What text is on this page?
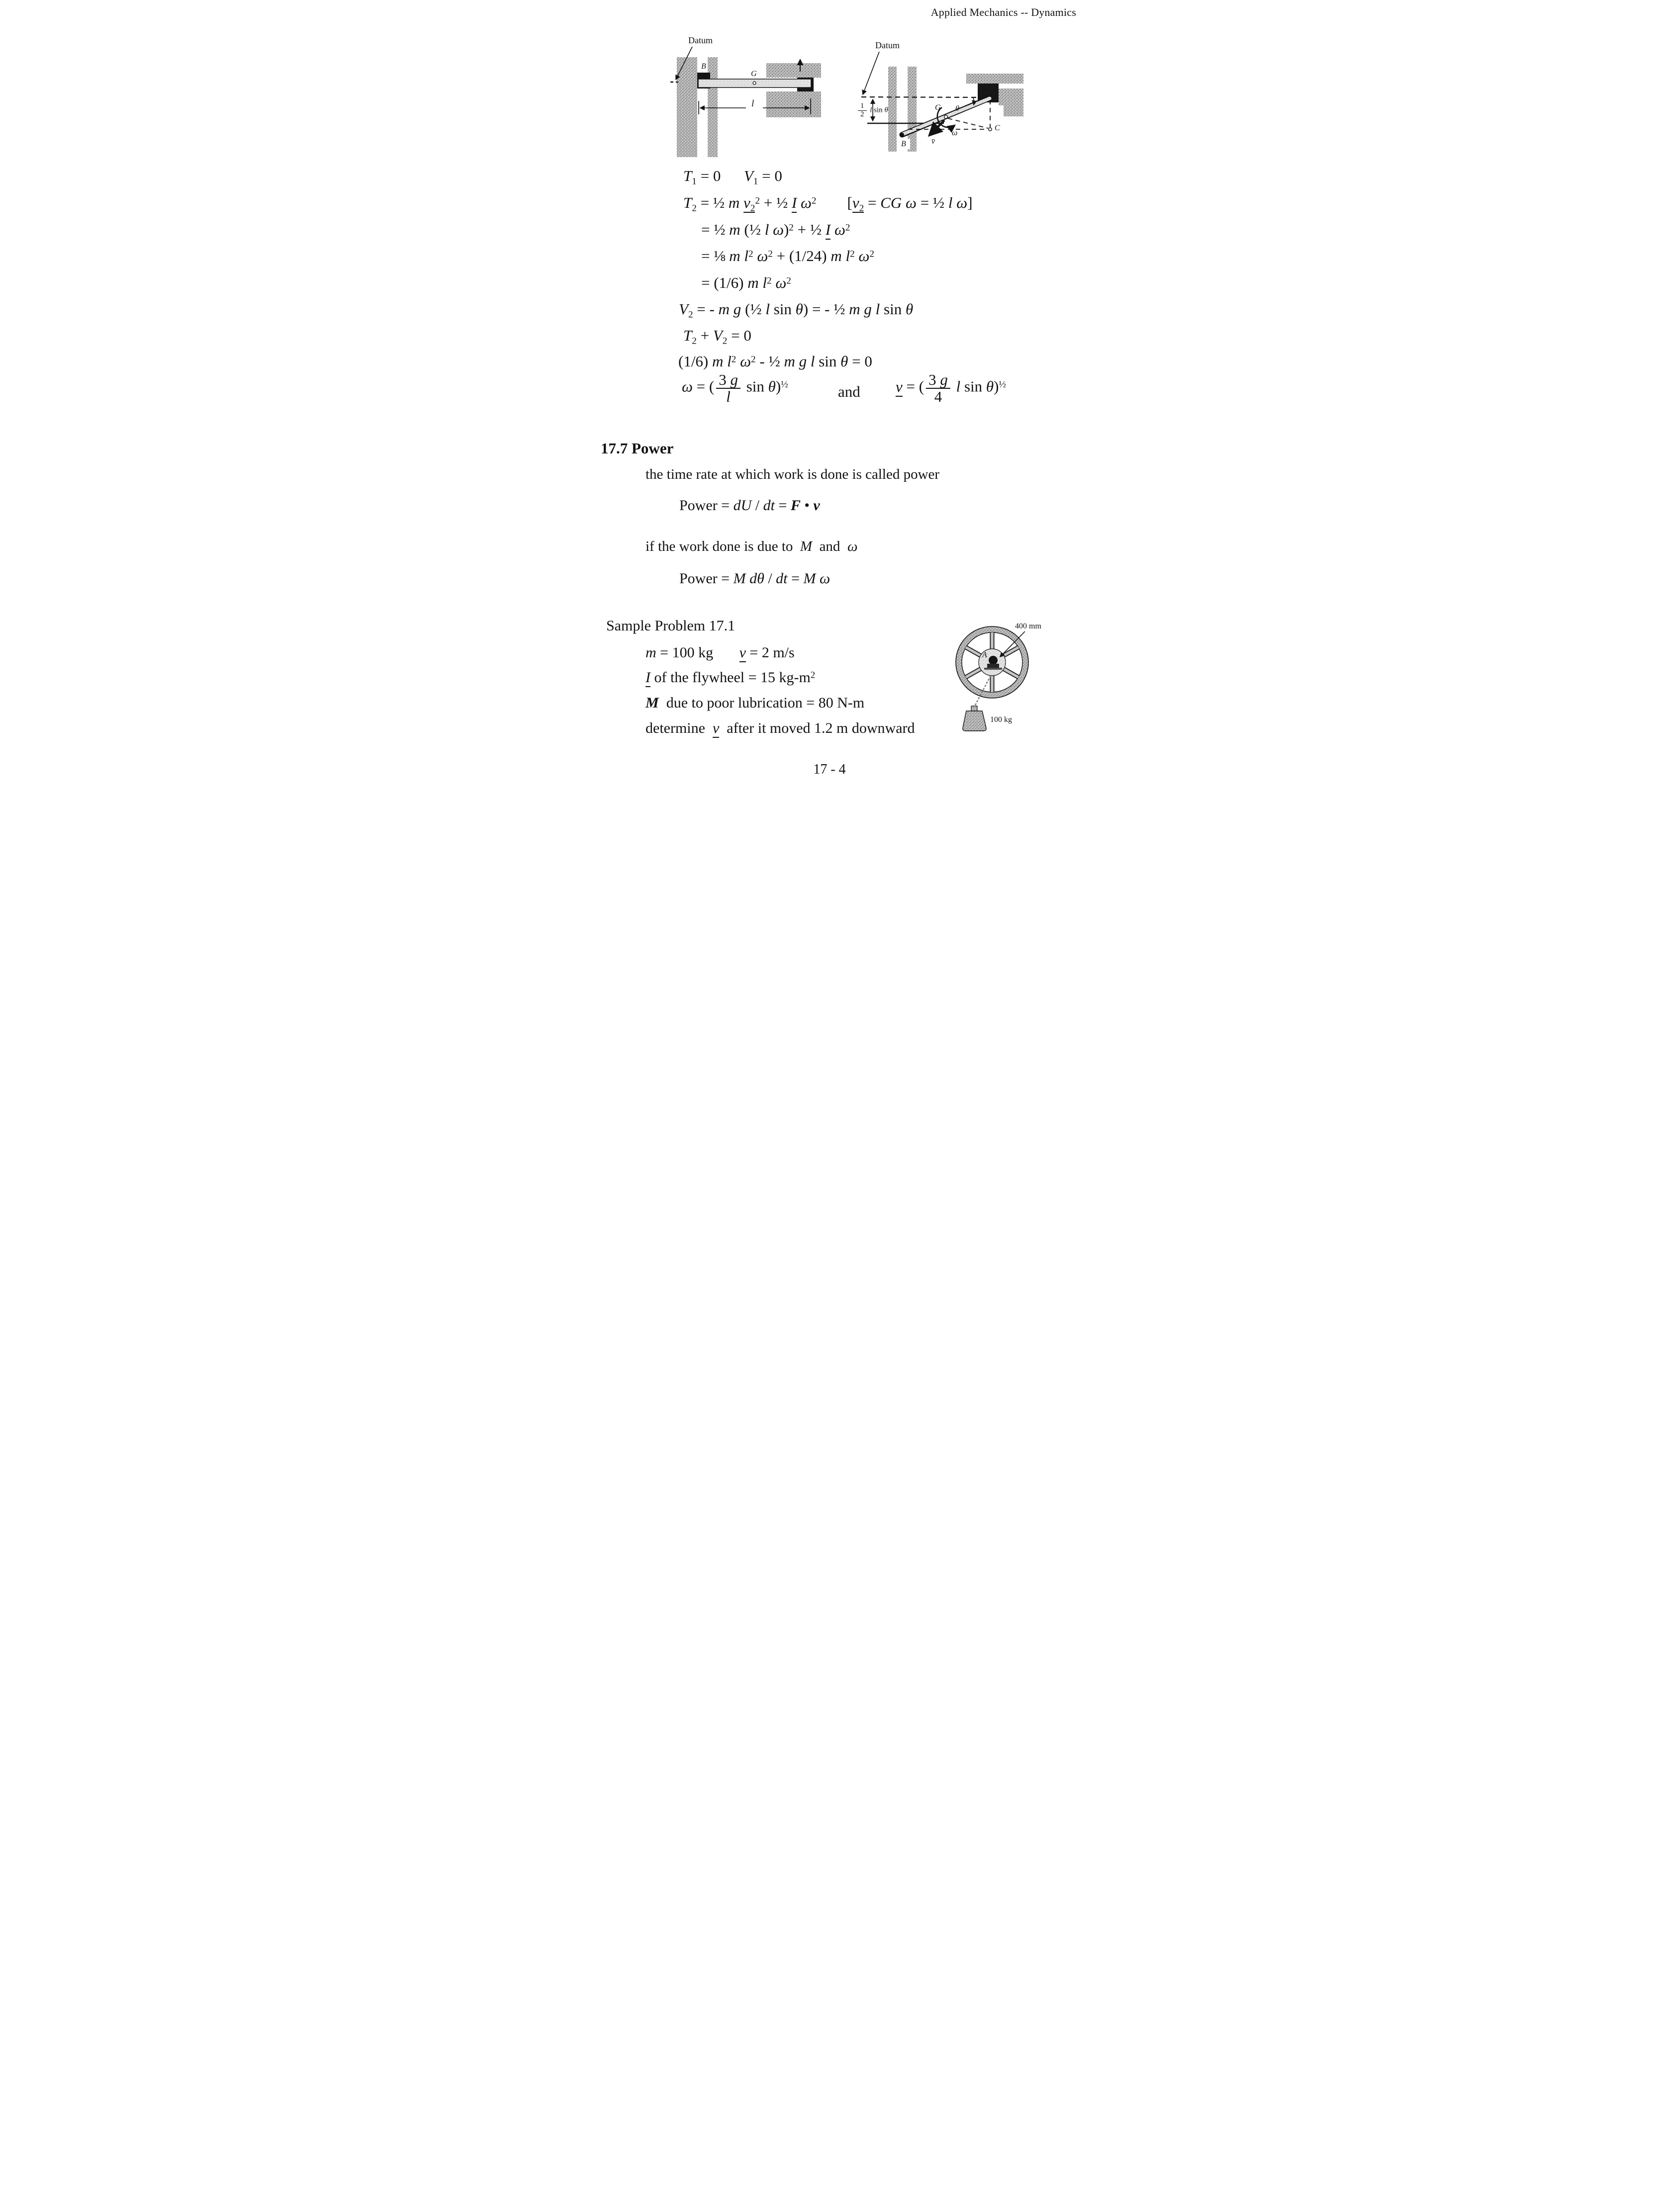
Applied Mechanics -- Dynamics
Datum
B
G
l
Datum
$\frac{1}{2}$ l sin θ	θ
G
ω
v̄
C
B
$T_1 = 0$      $V_1 = 0$
$T_2$ = ½ m $v_2^2$ + ½ I $\omega^2$        [$v_2$ = CG ω = ½ l ω]
= ½ m (½ l ω)$^2$ + ½ I $\omega^2$
= ⅛ m $l^2$ $\omega^2 + (1/24)$ m $l^2$ $\omega^2$
= (1/6) m $l^2$ $\omega^2$
$V_2$ = - m g (½ l sin θ) = - ½ m g l sin θ
$T_2 + V_2 = 0$
(1/6) m $l^2$ $\omega^2$ - ½ m g l sin θ = 0
ω = ( $\frac{3 g}{l}$ sin θ)$^{\frac{1}{2}}$	and v = ( $\frac{3 g}{4}$ l sin θ)$^{\frac{1}{2}}$
17.7 Power
the time rate at which work is done is called power
Power = dU / dt = F • v
if the work done is due to  M  and  ω
Power = M dθ / dt = M ω
Sample Problem 17.1
m = 100 kg       v = 2 m/s
I of the flywheel = 15 $kg-m^2$
M  due to poor lubrication = 80 N-m
determine  v  after it moved 1.2 m downward
400 mm
A
100 kg
17 - 4
